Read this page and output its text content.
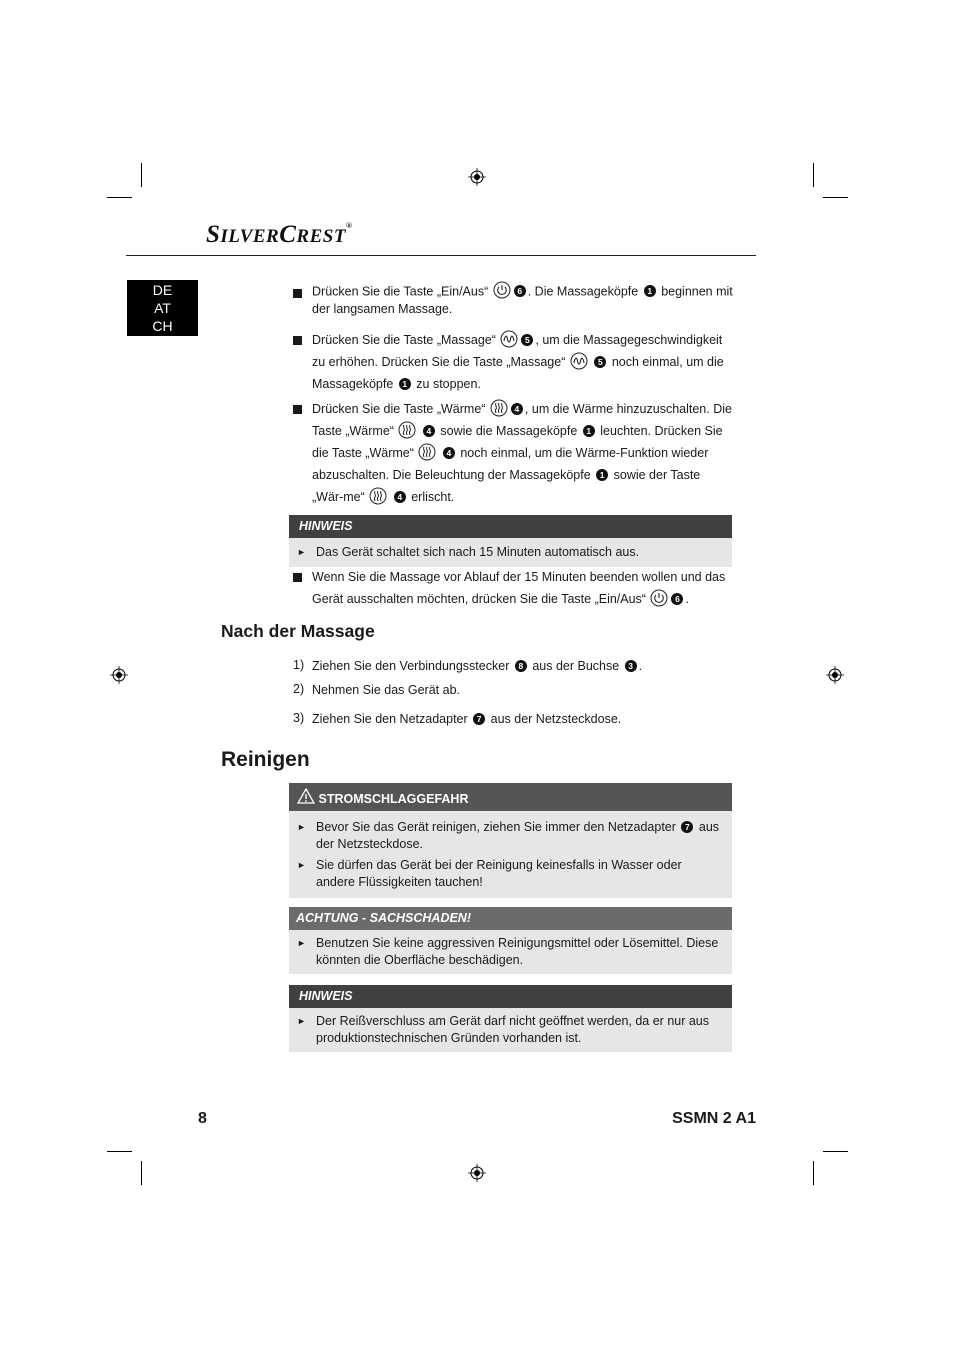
SILVERCREST®
DE
AT
CH
Drücken Sie die Taste „Ein/Aus“	6 . Die Massageköpfe 1 beginnen mit der langsamen Massage.
Drücken Sie die Taste „Massage“	5 , um die Massagegeschwindigkeit zu erhöhen. Drücken Sie die Taste „Massage“	5 noch einmal, um die Massageköpfe 1 zu stoppen.
Drücken Sie die Taste „Wärme“	4 , um die Wärme hinzuzuschalten. Die Taste „Wärme“	4 sowie die Massageköpfe 1 leuchten. Drücken Sie die Taste „Wärme“	4 noch einmal, um die Wärme-Funktion wieder abzuschalten. Die Beleuchtung der Massageköpfe 1 sowie der Taste „Wär-me“	4 erlischt.
HINWEIS
► Das Gerät schaltet sich nach 15 Minuten automatisch aus.
Wenn Sie die Massage vor Ablauf der 15 Minuten beenden wollen und das Gerät ausschalten möchten, drücken Sie die Taste „Ein/Aus“	6 .
Nach der Massage
1) Ziehen Sie den Verbindungsstecker 8 aus der Buchse 3 .
2) Nehmen Sie das Gerät ab.
3) Ziehen Sie den Netzadapter 7 aus der Netzsteckdose.
Reinigen
STROMSCHLAGGEFAHR
► Bevor Sie das Gerät reinigen, ziehen Sie immer den Netzadapter 7 aus der Netzsteckdose.
► Sie dürfen das Gerät bei der Reinigung keinesfalls in Wasser oder andere Flüssigkeiten tauchen!
ACHTUNG - SACHSCHADEN!
► Benutzen Sie keine aggressiven Reinigungsmittel oder Lösemittel. Diese könnten die Oberfläche beschädigen.
HINWEIS
► Der Reißverschluss am Gerät darf nicht geöffnet werden, da er nur aus produktionstechnischen Gründen vorhanden ist.
8	SSMN 2 A1
